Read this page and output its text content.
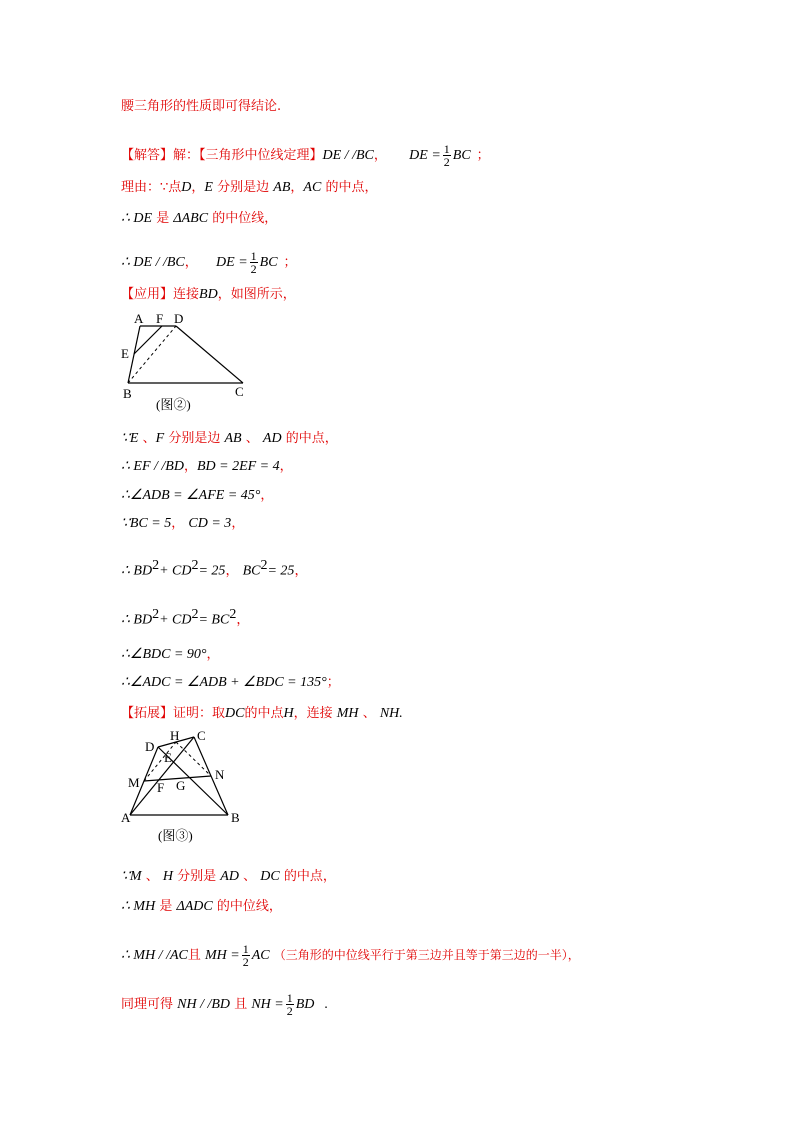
腰三角形的性质即可得结论.
【解答】解：【三角形中位线定理】DE / /BC， DE = $\frac{1}{2}$ BC ；
理由：∵点D，E 分别是边 AB，AC 的中点，
∴ DE 是 ΔABC 的中位线，
∴ DE / /BC， DE = $\frac{1}{2}$ BC ；
【应用】连接BD，如图所示，
A F D
E
B	C
(图②)
∵E 、F 分别是边 AB 、 AD 的中点，
∴ EF / /BD，BD = 2EF = 4，
∴∠ADB = ∠AFE = 45°，
∵BC = 5， CD = 3，
∴ $BD^2+ CD^2= 25$， $BC^2= 25$，
∴ $BD^2+ CD^2= BC^2$，
∴∠BDC = 90°，
∴∠ADC = ∠ADB + ∠BDC = 135°；
【拓展】证明：取DC的中点H，连接 MH 、 NH.
H C
D
E
M
N
F G
A	B
(图③)
∵M 、 H 分别是 AD 、 DC 的中点，
∴ MH 是 ΔADC 的中位线，
∴ MH / /AC且 MH = $\frac{1}{2}$ AC （三角形的中位线平行于第三边并且等于第三边的一半），
同理可得 NH / /BD 且 NH = $\frac{1}{2}$ BD .
